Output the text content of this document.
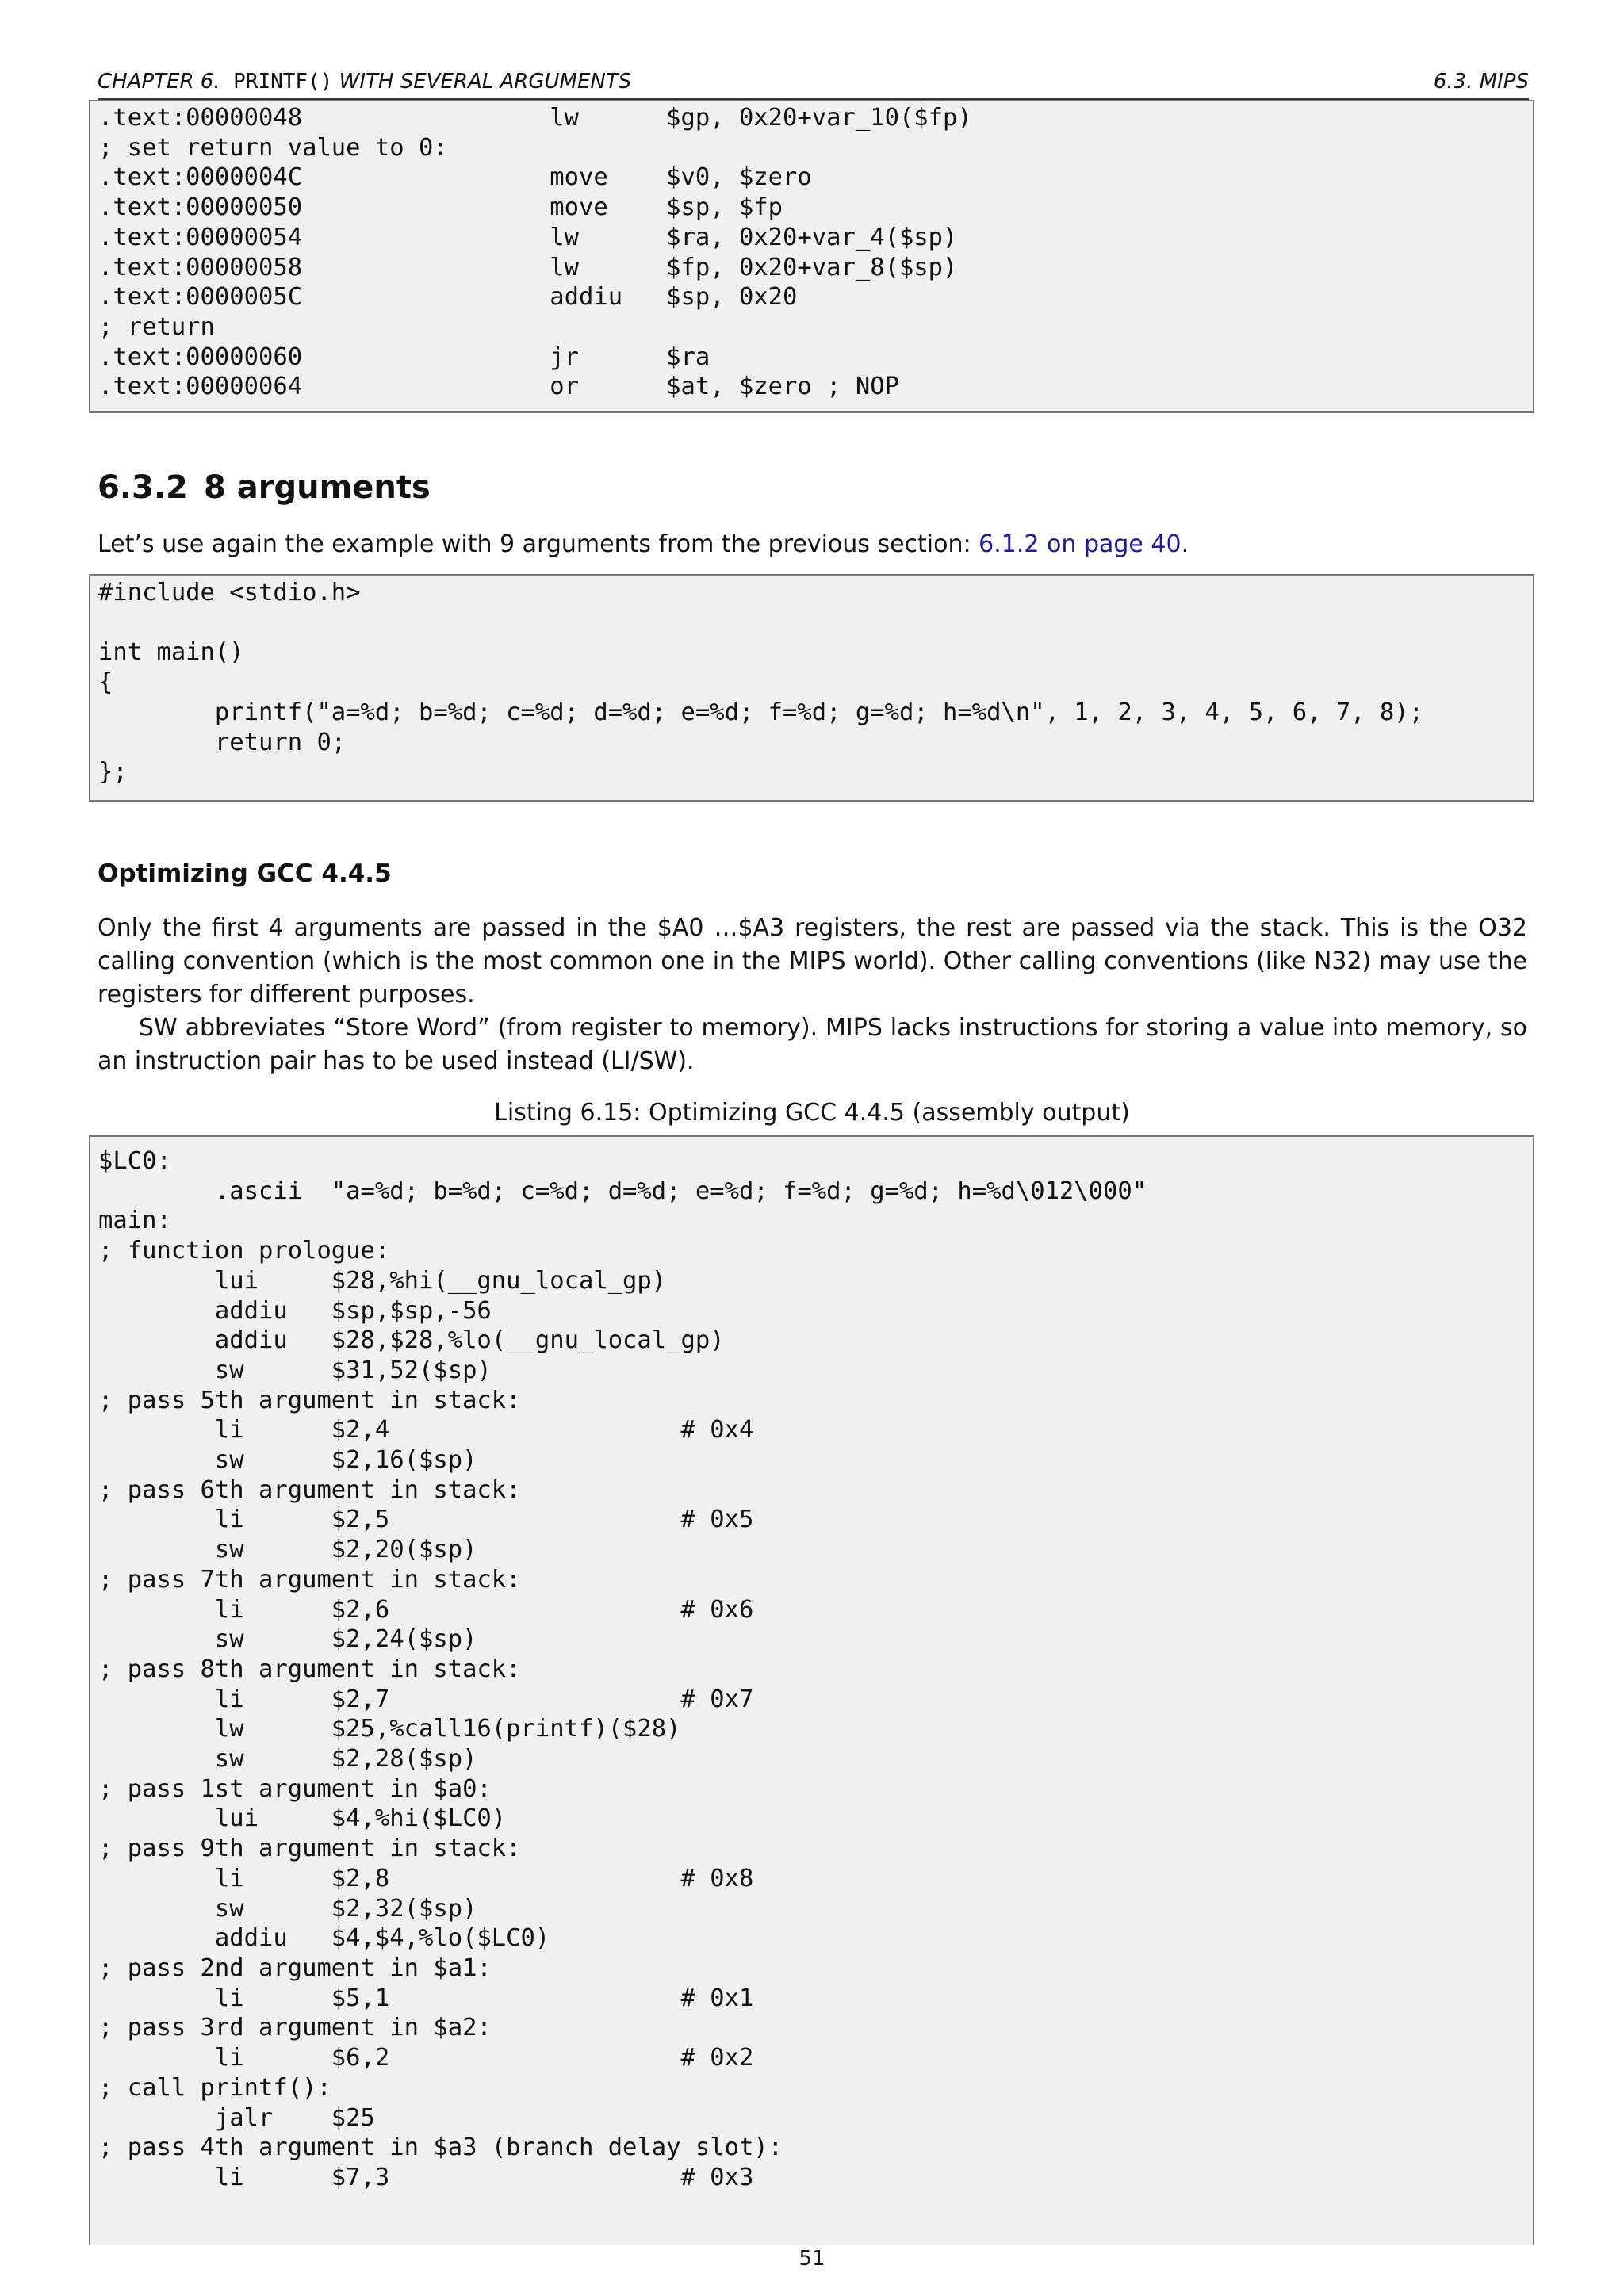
CHAPTER 6. PRINTF() WITH SEVERAL ARGUMENTS	6.3. MIPS
.text:00000048                 lw      $gp, 0x20+var_10($fp)
; set return value to 0:
.text:0000004C                 move    $v0, $zero
.text:00000050                 move    $sp, $fp
.text:00000054                 lw      $ra, 0x20+var_4($sp)
.text:00000058                 lw      $fp, 0x20+var_8($sp)
.text:0000005C                 addiu   $sp, 0x20
; return
.text:00000060                 jr      $ra
.text:00000064                 or      $at, $zero ; NOP
6.3.2 8 arguments
Let’s use again the example with 9 arguments from the previous section: 6.1.2 on page 40.
#include <stdio.h>

int main()
{
printf("a=%d; b=%d; c=%d; d=%d; e=%d; f=%d; g=%d; h=%d\n", 1, 2, 3, 4, 5, 6, 7, 8);
return 0;
};
Optimizing GCC 4.4.5
Only the first 4 arguments are passed in the $A0 …$A3 registers, the rest are passed via the stack. This is the O32 calling convention (which is the most common one in the MIPS world). Other calling conventions (like N32) may use the registers for different purposes.
SW abbreviates “Store Word” (from register to memory). MIPS lacks instructions for storing a value into memory, so an instruction pair has to be used instead (LI/SW).
Listing 6.15: Optimizing GCC 4.4.5 (assembly output)
$LC0:
.ascii  "a=%d; b=%d; c=%d; d=%d; e=%d; f=%d; g=%d; h=%d\012\000"
main:
; function prologue:
lui     $28,%hi(__gnu_local_gp)
addiu   $sp,$sp,-56
addiu   $28,$28,%lo(__gnu_local_gp)
sw      $31,52($sp)
; pass 5th argument in stack:
li      $2,4                    # 0x4
sw      $2,16($sp)
; pass 6th argument in stack:
li      $2,5                    # 0x5
sw      $2,20($sp)
; pass 7th argument in stack:
li      $2,6                    # 0x6
sw      $2,24($sp)
; pass 8th argument in stack:
li      $2,7                    # 0x7
lw      $25,%call16(printf)($28)
sw      $2,28($sp)
; pass 1st argument in $a0:
lui     $4,%hi($LC0)
; pass 9th argument in stack:
li      $2,8                    # 0x8
sw      $2,32($sp)
addiu   $4,$4,%lo($LC0)
; pass 2nd argument in $a1:
li      $5,1                    # 0x1
; pass 3rd argument in $a2:
li      $6,2                    # 0x2
; call printf():
jalr    $25
; pass 4th argument in $a3 (branch delay slot):
li      $7,3                    # 0x3
51
